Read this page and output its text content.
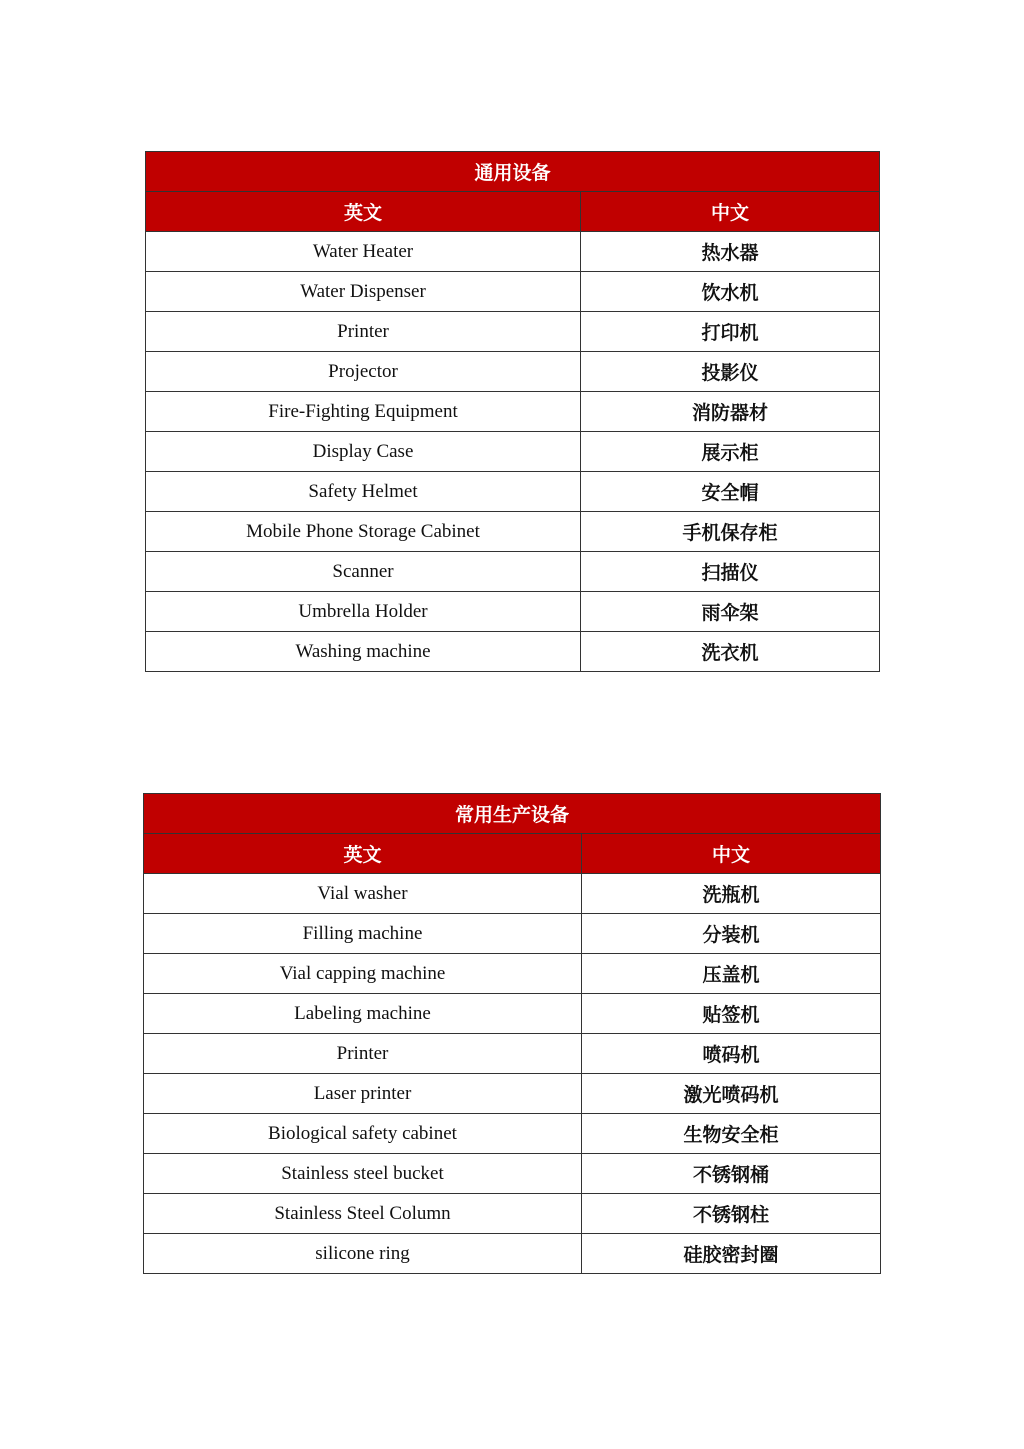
通用设备	
英文	中文
Water Heater	热水器
Water Dispenser	饮水机
Printer	打印机
Projector	投影仪
Fire-Fighting Equipment	消防器材
Display Case	展示柜
Safety Helmet	安全帽
Mobile Phone Storage Cabinet	手机保存柜
Scanner	扫描仪
Umbrella Holder	雨伞架
Washing machine	洗衣机
常用生产设备	
英文	中文
Vial washer	洗瓶机
Filling machine	分装机
Vial capping machine	压盖机
Labeling machine	贴签机
Printer	喷码机
Laser printer	激光喷码机
Biological safety cabinet	生物安全柜
Stainless steel bucket	不锈钢桶
Stainless Steel Column	不锈钢柱
silicone ring	硅胶密封圈
